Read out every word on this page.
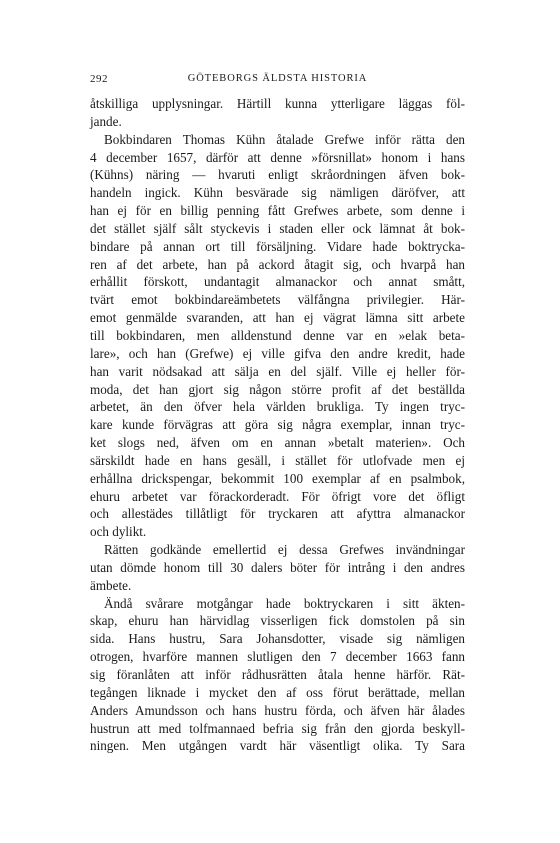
292	GÖTEBORGS ÄLDSTA HISTORIA
åtskilliga upplysningar. Härtill kunna ytterligare läggas föl-
jande.
Bokbindaren Thomas Kühn åtalade Grefwe inför rätta den
4 december 1657, därför att denne »försnillat» honom i hans
(Kühns) näring — hvaruti enligt skråordningen äfven bok-
handeln ingick. Kühn besvärade sig nämligen däröfver, att
han ej för en billig penning fått Grefwes arbete, som denne i
det stället själf sålt styckevis i staden eller ock lämnat åt bok-
bindare på annan ort till försäljning. Vidare hade boktrycka-
ren af det arbete, han på ackord åtagit sig, och hvarpå han
erhållit förskott, undantagit almanackor och annat smått,
tvärt emot bokbindareämbetets välfångna privilegier. Här-
emot genmälde svaranden, att han ej vägrat lämna sitt arbete
till bokbindaren, men alldenstund denne var en »elak beta-
lare», och han (Grefwe) ej ville gifva den andre kredit, hade
han varit nödsakad att sälja en del själf. Ville ej heller för-
moda, det han gjort sig någon större profit af det beställda
arbetet, än den öfver hela världen brukliga. Ty ingen tryc-
kare kunde förvägras att göra sig några exemplar, innan tryc-
ket slogs ned, äfven om en annan »betalt materien». Och
särskildt hade en hans gesäll, i stället för utlofvade men ej
erhållna drickspengar, bekommit 100 exemplar af en psalmbok,
ehuru arbetet var förackorderadt. För öfrigt vore det öfligt
och allestädes tillåtligt för tryckaren att afyttra almanackor
och dylikt.
Rätten godkände emellertid ej dessa Grefwes invändningar
utan dömde honom till 30 dalers böter för intrång i den andres
ämbete.
Ändå svårare motgångar hade boktryckaren i sitt äkten-
skap, ehuru han härvidlag visserligen fick domstolen på sin
sida. Hans hustru, Sara Johansdotter, visade sig nämligen
otrogen, hvarföre mannen slutligen den 7 december 1663 fann
sig föranlåten att inför rådhusrätten åtala henne härför. Rät-
tegången liknade i mycket den af oss förut berättade, mellan
Anders Amundsson och hans hustru förda, och äfven här ålades
hustrun att med tolfmannaed befria sig från den gjorda beskyll-
ningen. Men utgången vardt här väsentligt olika. Ty Sara
